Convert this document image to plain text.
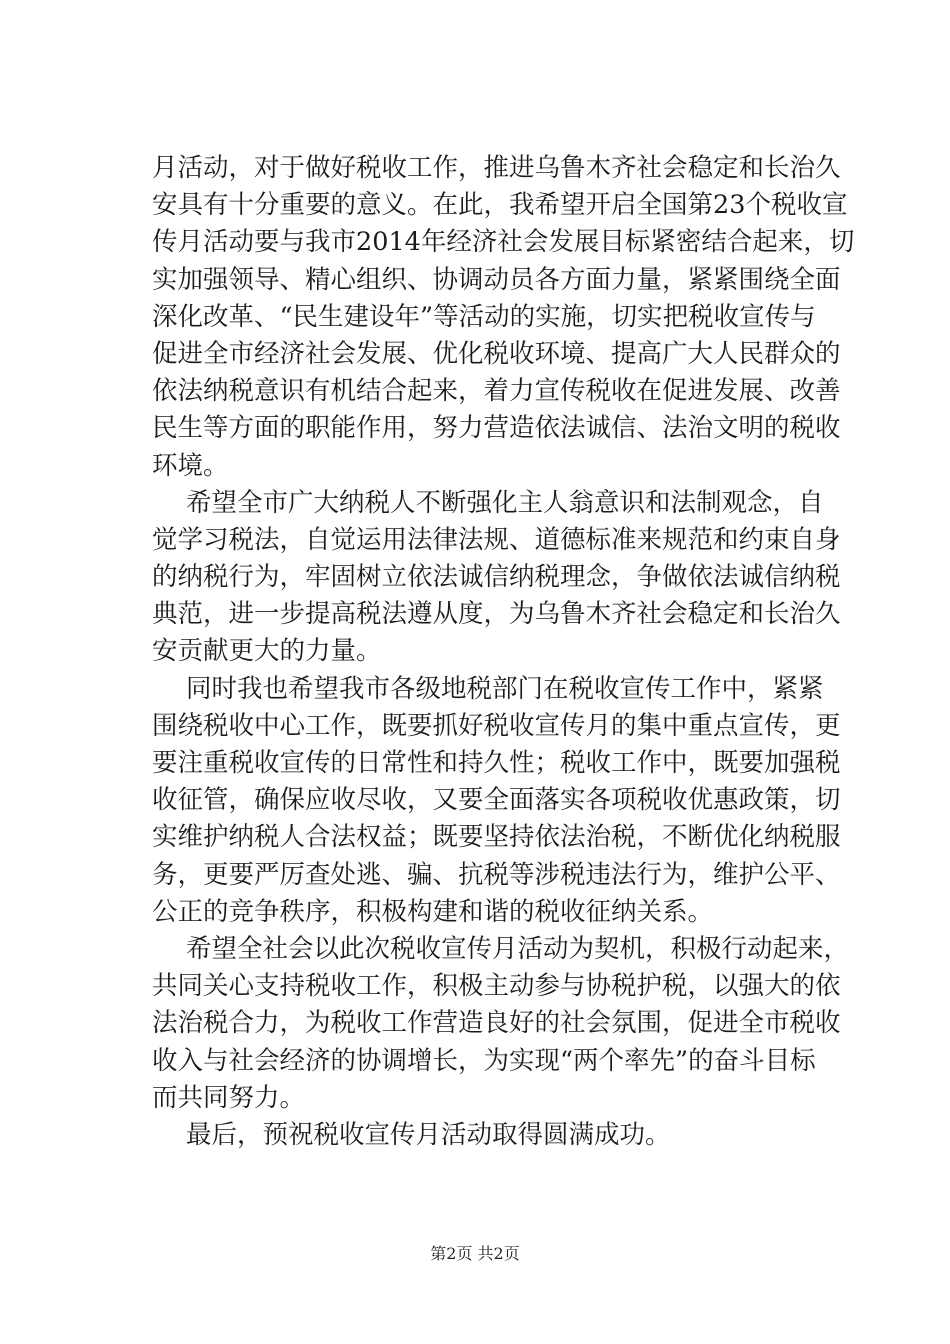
月活动，对于做好税收工作，推进乌鲁木齐社会稳定和长治久
安具有十分重要的意义。在此，我希望开启全国第23个税收宣
传月活动要与我市2014年经济社会发展目标紧密结合起来，切
实加强领导、精心组织、协调动员各方面力量，紧紧围绕全面
深化改革、“民生建设年”等活动的实施，切实把税收宣传与
促进全市经济社会发展、优化税收环境、提高广大人民群众的
依法纳税意识有机结合起来，着力宣传税收在促进发展、改善
民生等方面的职能作用，努力营造依法诚信、法治文明的税收
环境。
希望全市广大纳税人不断强化主人翁意识和法制观念，自
觉学习税法，自觉运用法律法规、道德标准来规范和约束自身
的纳税行为，牢固树立依法诚信纳税理念，争做依法诚信纳税
典范，进一步提高税法遵从度，为乌鲁木齐社会稳定和长治久
安贡献更大的力量。
同时我也希望我市各级地税部门在税收宣传工作中，紧紧
围绕税收中心工作，既要抓好税收宣传月的集中重点宣传，更
要注重税收宣传的日常性和持久性；税收工作中，既要加强税
收征管，确保应收尽收，又要全面落实各项税收优惠政策，切
实维护纳税人合法权益；既要坚持依法治税，不断优化纳税服
务，更要严厉查处逃、骗、抗税等涉税违法行为，维护公平、
公正的竞争秩序，积极构建和谐的税收征纳关系。
希望全社会以此次税收宣传月活动为契机，积极行动起来，
共同关心支持税收工作，积极主动参与协税护税，以强大的依
法治税合力，为税收工作营造良好的社会氛围，促进全市税收
收入与社会经济的协调增长，为实现“两个率先”的奋斗目标
而共同努力。
最后，预祝税收宣传月活动取得圆满成功。
第2页 共2页
